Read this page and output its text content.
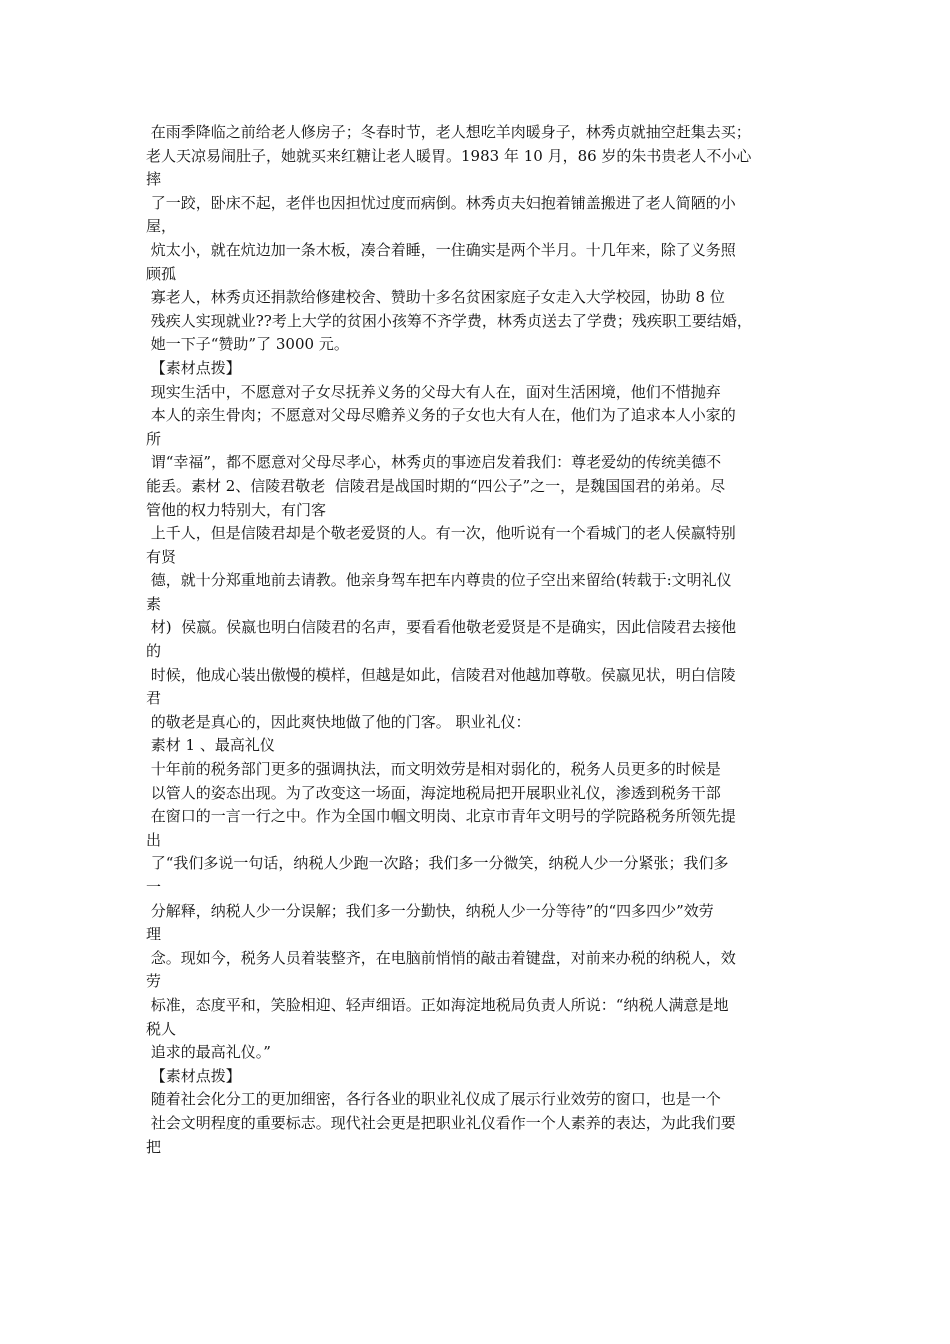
在雨季降临之前给老人修房子；冬春时节，老人想吃羊肉暖身子，林秀贞就抽空赶集去买；

老人天凉易闹肚子，她就买来红糖让老人暖胃。1983 年 10 月，86 岁的朱书贵老人不小心

摔

了一跤，卧床不起，老伴也因担忧过度而病倒。林秀贞夫妇抱着铺盖搬进了老人简陋的小

屋，

炕太小，就在炕边加一条木板，凑合着睡，一住确实是两个半月。十几年来，除了义务照

顾孤

寡老人，林秀贞还捐款给修建校舍、赞助十多名贫困家庭子女走入大学校园，协助 8 位

残疾人实现就业??考上大学的贫困小孩筹不齐学费，林秀贞送去了学费；残疾职工要结婚，

她一下子“赞助”了 3000 元。

【素材点拨】

现实生活中，不愿意对子女尽抚养义务的父母大有人在，面对生活困境，他们不惜抛弃

本人的亲生骨肉；不愿意对父母尽赡养义务的子女也大有人在，他们为了追求本人小家的

所

谓“幸福”，都不愿意对父母尽孝心，林秀贞的事迹启发着我们：尊老爱幼的传统美德不

能丢。素材 2、信陵君敬老  信陵君是战国时期的“四公子”之一，是魏国国君的弟弟。尽

管他的权力特别大，有门客

上千人，但是信陵君却是个敬老爱贤的人。有一次，他听说有一个看城门的老人侯嬴特别

有贤

德，就十分郑重地前去请教。他亲身驾车把车内尊贵的位子空出来留给(转载于:文明礼仪

素

材)  侯嬴。侯嬴也明白信陵君的名声，要看看他敬老爱贤是不是确实，因此信陵君去接他

的

时候，他成心装出傲慢的模样，但越是如此，信陵君对他越加尊敬。侯嬴见状，明白信陵

君

的敬老是真心的，因此爽快地做了他的门客。 职业礼仪：

素材 1 、最高礼仪

十年前的税务部门更多的强调执法，而文明效劳是相对弱化的，税务人员更多的时候是

以管人的姿态出现。为了改变这一场面，海淀地税局把开展职业礼仪，渗透到税务干部

在窗口的一言一行之中。作为全国巾帼文明岗、北京市青年文明号的学院路税务所领先提

出

了“我们多说一句话，纳税人少跑一次路；我们多一分微笑，纳税人少一分紧张；我们多

一

分解释，纳税人少一分误解；我们多一分勤快，纳税人少一分等待”的“四多四少”效劳

理

念。现如今，税务人员着装整齐，在电脑前悄悄的敲击着键盘，对前来办税的纳税人，效

劳

标准，态度平和，笑脸相迎、轻声细语。正如海淀地税局负责人所说：“纳税人满意是地

税人

追求的最高礼仪。”

【素材点拨】

随着社会化分工的更加细密，各行各业的职业礼仪成了展示行业效劳的窗口，也是一个

社会文明程度的重要标志。现代社会更是把职业礼仪看作一个人素养的表达，为此我们要

把
